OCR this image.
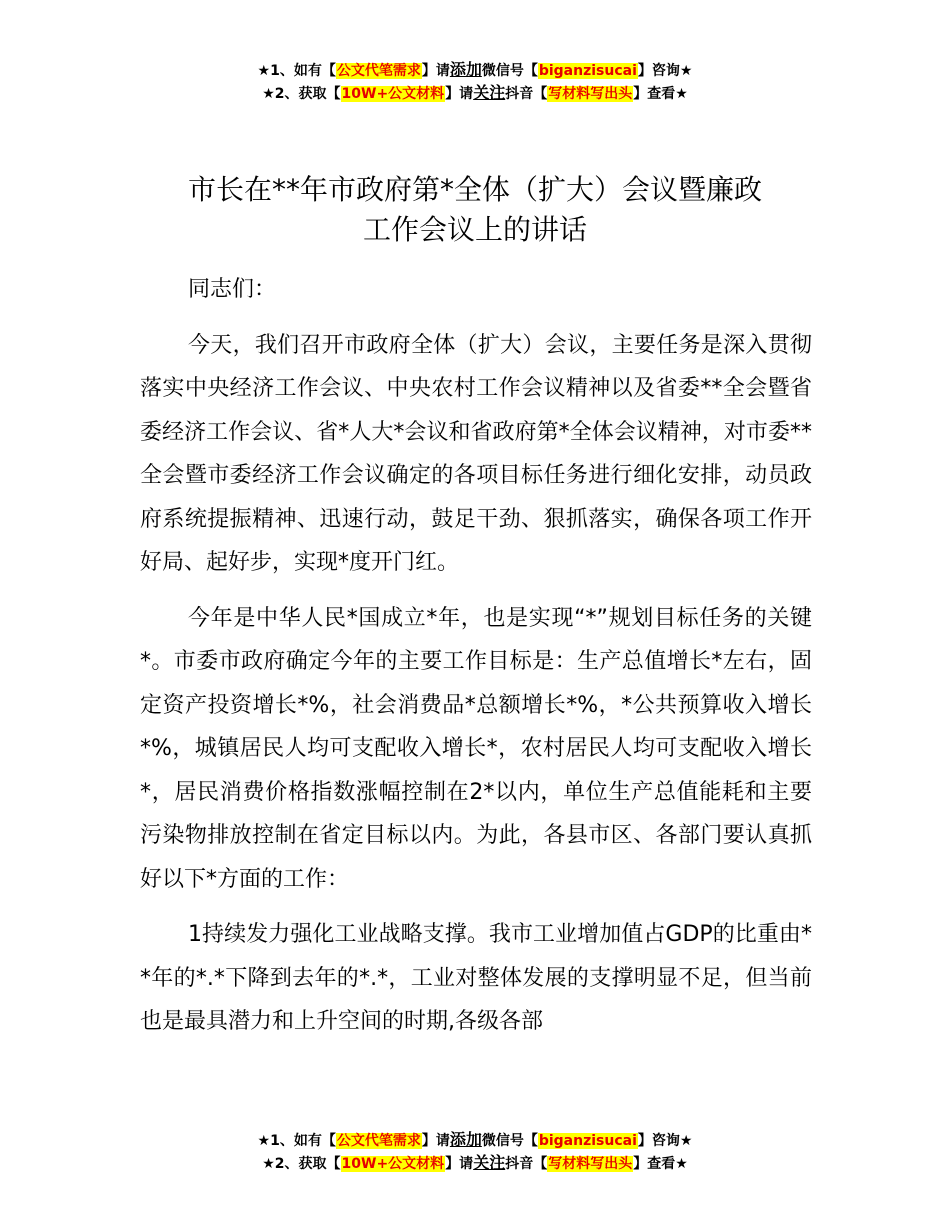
★1、如有【公文代笔需求】请添加微信号【biganzisucai】咨询★
★2、获取【10W+公文材料】请关注抖音【写材料写出头】查看★
市长在**年市政府第*全体（扩大）会议暨廉政
工作会议上的讲话

同志们：

今天，我们召开市政府全体（扩大）会议，主要任务是深入贯彻落实中央经济工作会议、中央农村工作会议精神以及省委**全会暨省委经济工作会议、省*人大*会议和省政府第*全体会议精神，对市委**全会暨市委经济工作会议确定的各项目标任务进行细化安排，动员政府系统提振精神、迅速行动，鼓足干劲、狠抓落实，确保各项工作开好局、起好步，实现*度开门红。

今年是中华人民*国成立*年，也是实现“*”规划目标任务的关键*。市委市政府确定今年的主要工作目标是：生产总值增长*左右，固定资产投资增长*%，社会消费品*总额增长*%，*公共预算收入增长*%，城镇居民人均可支配收入增长*，农村居民人均可支配收入增长*，居民消费价格指数涨幅控制在2*以内，单位生产总值能耗和主要污染物排放控制在省定目标以内。为此，各县市区、各部门要认真抓好以下*方面的工作：

1持续发力强化工业战略支撑。我市工业增加值占GDP的比重由**年的*.*下降到去年的*.*，工业对整体发展的支撑明显不足，但当前也是最具潜力和上升空间的时期,各级各部

★1、如有【公文代笔需求】请添加微信号【biganzisucai】咨询★
★2、获取【10W+公文材料】请关注抖音【写材料写出头】查看★
